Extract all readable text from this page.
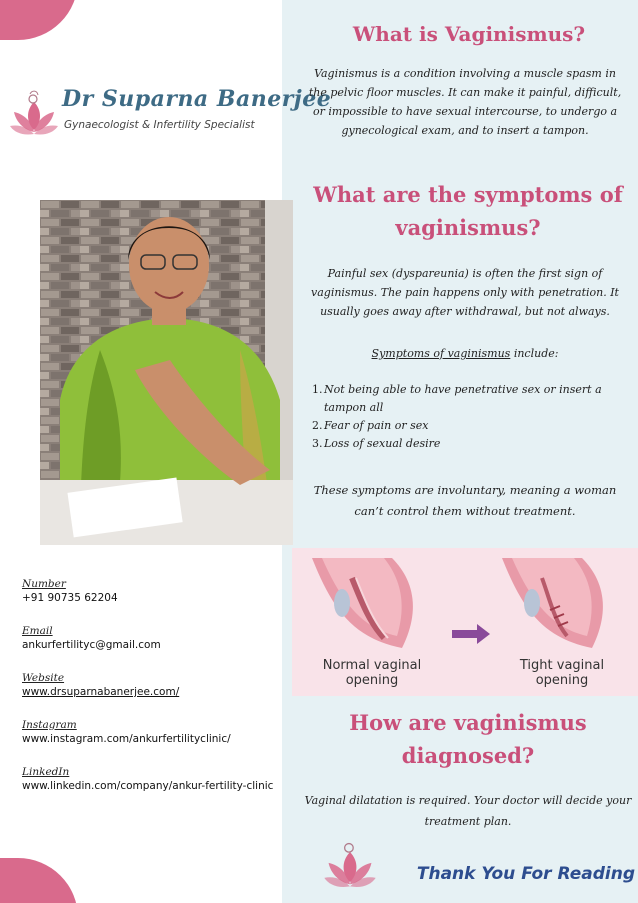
Dr Suparna Banerjee
Gynaecologist & Infertility Specialist
Number
+91 90735 62204
Email
ankurfertilityc@gmail.com
Website
www.drsuparnabanerjee.com/
Instagram
www.instagram.com/ankurfertilityclinic/
LinkedIn
www.linkedin.com/company/ankur-fertility-clinic
What is Vaginismus?
Vaginismus is a condition involving a muscle spasm in the pelvic floor muscles. It can make it painful, difficult, or impossible to have sexual intercourse, to undergo a gynecological exam, and to insert a tampon.
What are the symptoms of vaginismus?
Painful sex (dyspareunia) is often the first sign of vaginismus. The pain happens only with penetration. It usually goes away after withdrawal, but not always.
Symptoms of vaginismus include:
1. Not being able to have penetrative sex or insert a tampon all
2. Fear of pain or sex
3. Loss of sexual desire
These symptoms are involuntary, meaning a woman can’t control them without treatment.
Normal vaginal
opening
Tight vaginal
opening
How are vaginismus diagnosed?
Vaginal dilatation is required. Your doctor will decide your treatment plan.
Thank You For Reading
